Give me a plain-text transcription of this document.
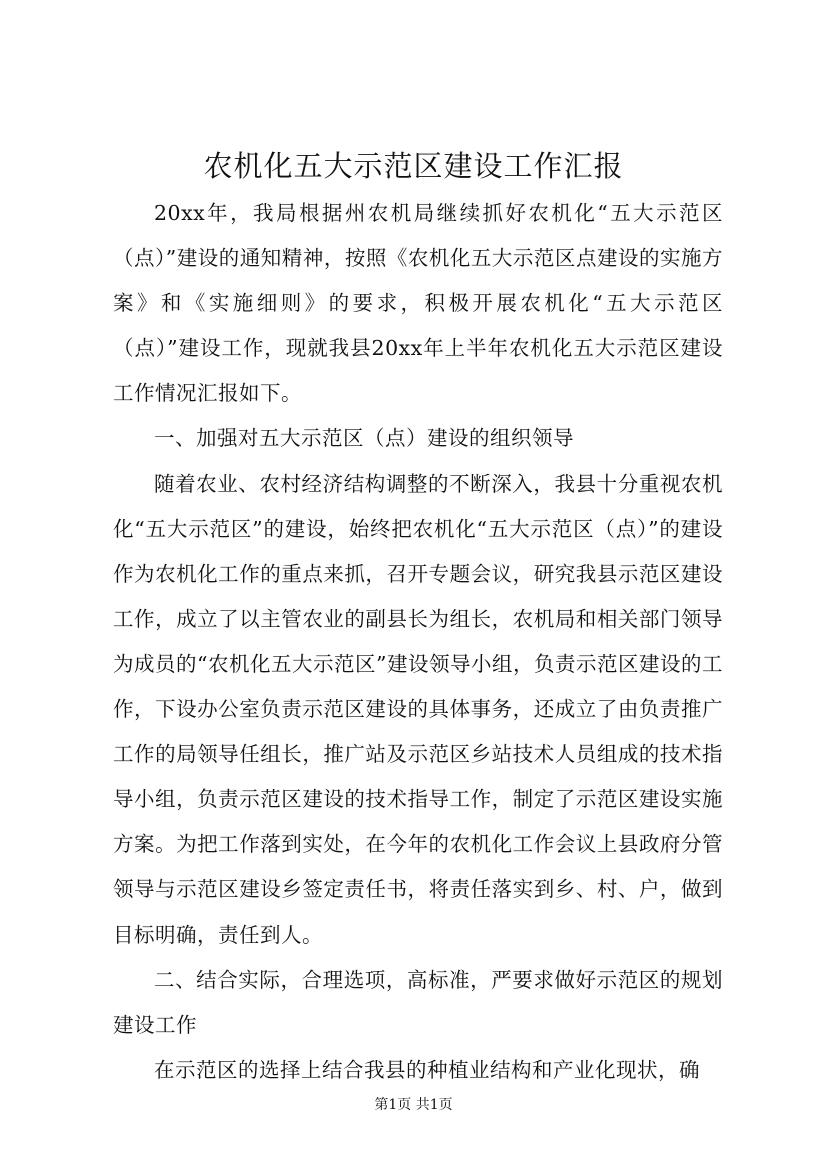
农机化五大示范区建设工作汇报

20xx年，我局根据州农机局继续抓好农机化“五大示范区（点）”建设的通知精神，按照《农机化五大示范区点建设的实施方案》和《实施细则》的要求，积极开展农机化“五大示范区（点）”建设工作，现就我县20xx年上半年农机化五大示范区建设工作情况汇报如下。

一、加强对五大示范区（点）建设的组织领导

随着农业、农村经济结构调整的不断深入，我县十分重视农机化“五大示范区”的建设，始终把农机化“五大示范区（点）”的建设作为农机化工作的重点来抓，召开专题会议，研究我县示范区建设工作，成立了以主管农业的副县长为组长，农机局和相关部门领导为成员的“农机化五大示范区”建设领导小组，负责示范区建设的工作，下设办公室负责示范区建设的具体事务，还成立了由负责推广工作的局领导任组长，推广站及示范区乡站技术人员组成的技术指导小组，负责示范区建设的技术指导工作，制定了示范区建设实施方案。为把工作落到实处，在今年的农机化工作会议上县政府分管领导与示范区建设乡签定责任书，将责任落实到乡、村、户，做到目标明确，责任到人。

二、结合实际，合理选项，高标准，严要求做好示范区的规划建设工作

在示范区的选择上结合我县的种植业结构和产业化现状，确

第1页 共1页
